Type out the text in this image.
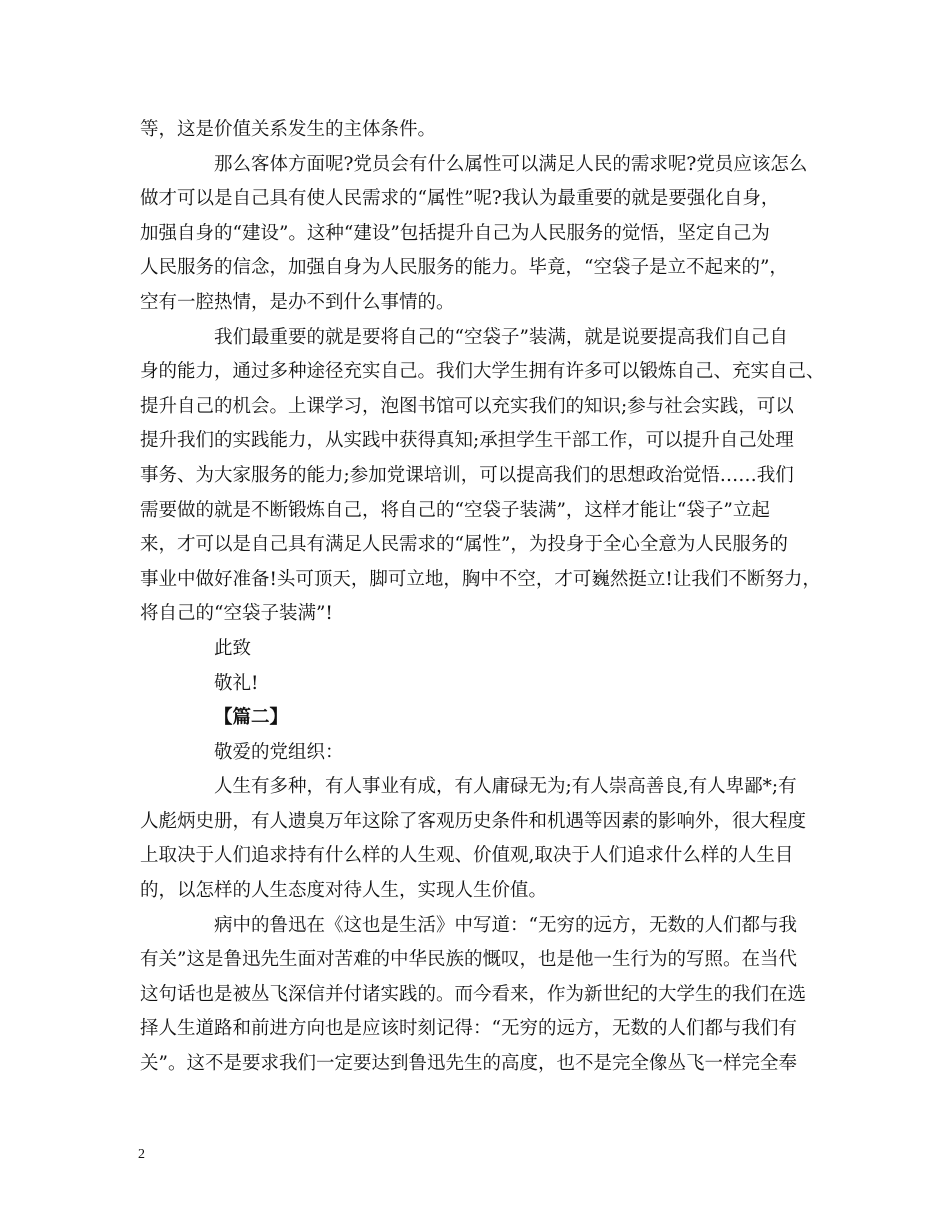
等，这是价值关系发生的主体条件。
那么客体方面呢?党员会有什么属性可以满足人民的需求呢?党员应该怎么
做才可以是自己具有使人民需求的“属性”呢?我认为最重要的就是要强化自身，
加强自身的“建设”。这种“建设”包括提升自己为人民服务的觉悟，坚定自己为
人民服务的信念，加强自身为人民服务的能力。毕竟，“空袋子是立不起来的”，
空有一腔热情，是办不到什么事情的。
我们最重要的就是要将自己的“空袋子”装满，就是说要提高我们自己自
身的能力，通过多种途径充实自己。我们大学生拥有许多可以锻炼自己、充实自己、
提升自己的机会。上课学习，泡图书馆可以充实我们的知识;参与社会实践，可以
提升我们的实践能力，从实践中获得真知;承担学生干部工作，可以提升自己处理
事务、为大家服务的能力;参加党课培训，可以提高我们的思想政治觉悟……我们
需要做的就是不断锻炼自己，将自己的“空袋子装满”，这样才能让“袋子”立起
来，才可以是自己具有满足人民需求的“属性”，为投身于全心全意为人民服务的
事业中做好准备!头可顶天，脚可立地，胸中不空，才可巍然挺立!让我们不断努力，
将自己的“空袋子装满”!
此致
敬礼!
【篇二】
敬爱的党组织：
人生有多种，有人事业有成，有人庸碌无为;有人崇高善良,有人卑鄙*;有
人彪炳史册，有人遗臭万年这除了客观历史条件和机遇等因素的影响外，很大程度
上取决于人们追求持有什么样的人生观、价值观,取决于人们追求什么样的人生目
的，以怎样的人生态度对待人生，实现人生价值。
病中的鲁迅在《这也是生活》中写道：“无穷的远方，无数的人们都与我
有关”这是鲁迅先生面对苦难的中华民族的慨叹，也是他一生行为的写照。在当代
这句话也是被丛飞深信并付诸实践的。而今看来，作为新世纪的大学生的我们在选
择人生道路和前进方向也是应该时刻记得：“无穷的远方，无数的人们都与我们有
关”。这不是要求我们一定要达到鲁迅先生的高度，也不是完全像丛飞一样完全奉
2
